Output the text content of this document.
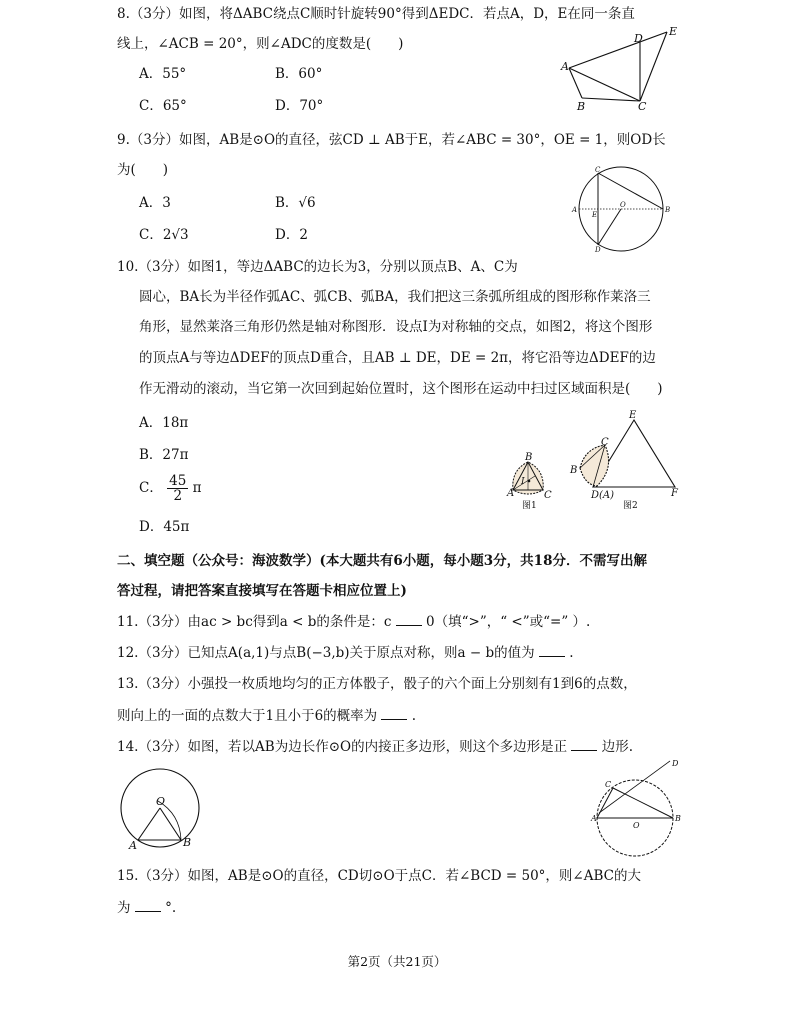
8.（3分）如图，将ΔABC绕点C顺时针旋转90°得到ΔEDC．若点A，D，E在同一条直
线上，∠ACB = 20°，则∠ADC的度数是(　　)
A．55°	B．60°
C．65°	D．70°
A
B	C
D
E
9.（3分）如图，AB是⊙O的直径，弦CD ⊥ AB于E，若∠ABC = 30°，OE = 1，则OD长
为(　　)
A．3	B．√6
C．2√3	D．2
C
D
A	B
E
O
10.（3分）如图1，等边ΔABC的边长为3，分别以顶点B、A、C为
圆心，BA长为半径作弧AC、弧CB、弧BA，我们把这三条弧所组成的图形称作莱洛三
角形，显然莱洛三角形仍然是轴对称图形．设点I为对称轴的交点，如图2，将这个图形
的顶点A与等边ΔDEF的顶点D重合，且AB ⊥ DE，DE = 2π，将它沿等边ΔDEF的边
作无滑动的滚动，当它第一次回到起始位置时，这个图形在运动中扫过区域面积是(　　)
A．18π
B．27π
C． $\frac{45}{2}$ π
D．45π
B
A	C
I
图1
E
B
C
D(A)	F
图2
二、填空题（公众号：海波数学）(本大题共有6小题，每小题3分，共18分．不需写出解
答过程，请把答案直接填写在答题卡相应位置上)
11.（3分）由ac > bc得到a < b的条件是：c	0（填“>”，“ <”或“=” ）.
12.（3分）已知点A(a,1)与点B(−3,b)关于原点对称，则a − b的值为	.
13.（3分）小强投一枚质地均匀的正方体骰子，骰子的六个面上分别刻有1到6的点数，
则向上的一面的点数大于1且小于6的概率为	.
14.（3分）如图，若以AB为边长作⊙O的内接正多边形，则这个多边形是正	边形.
O
A	B
A	B
C
D
O
15.（3分）如图，AB是⊙O的直径，CD切⊙O于点C．若∠BCD = 50°，则∠ABC的大
为	°.
第2页（共21页）
